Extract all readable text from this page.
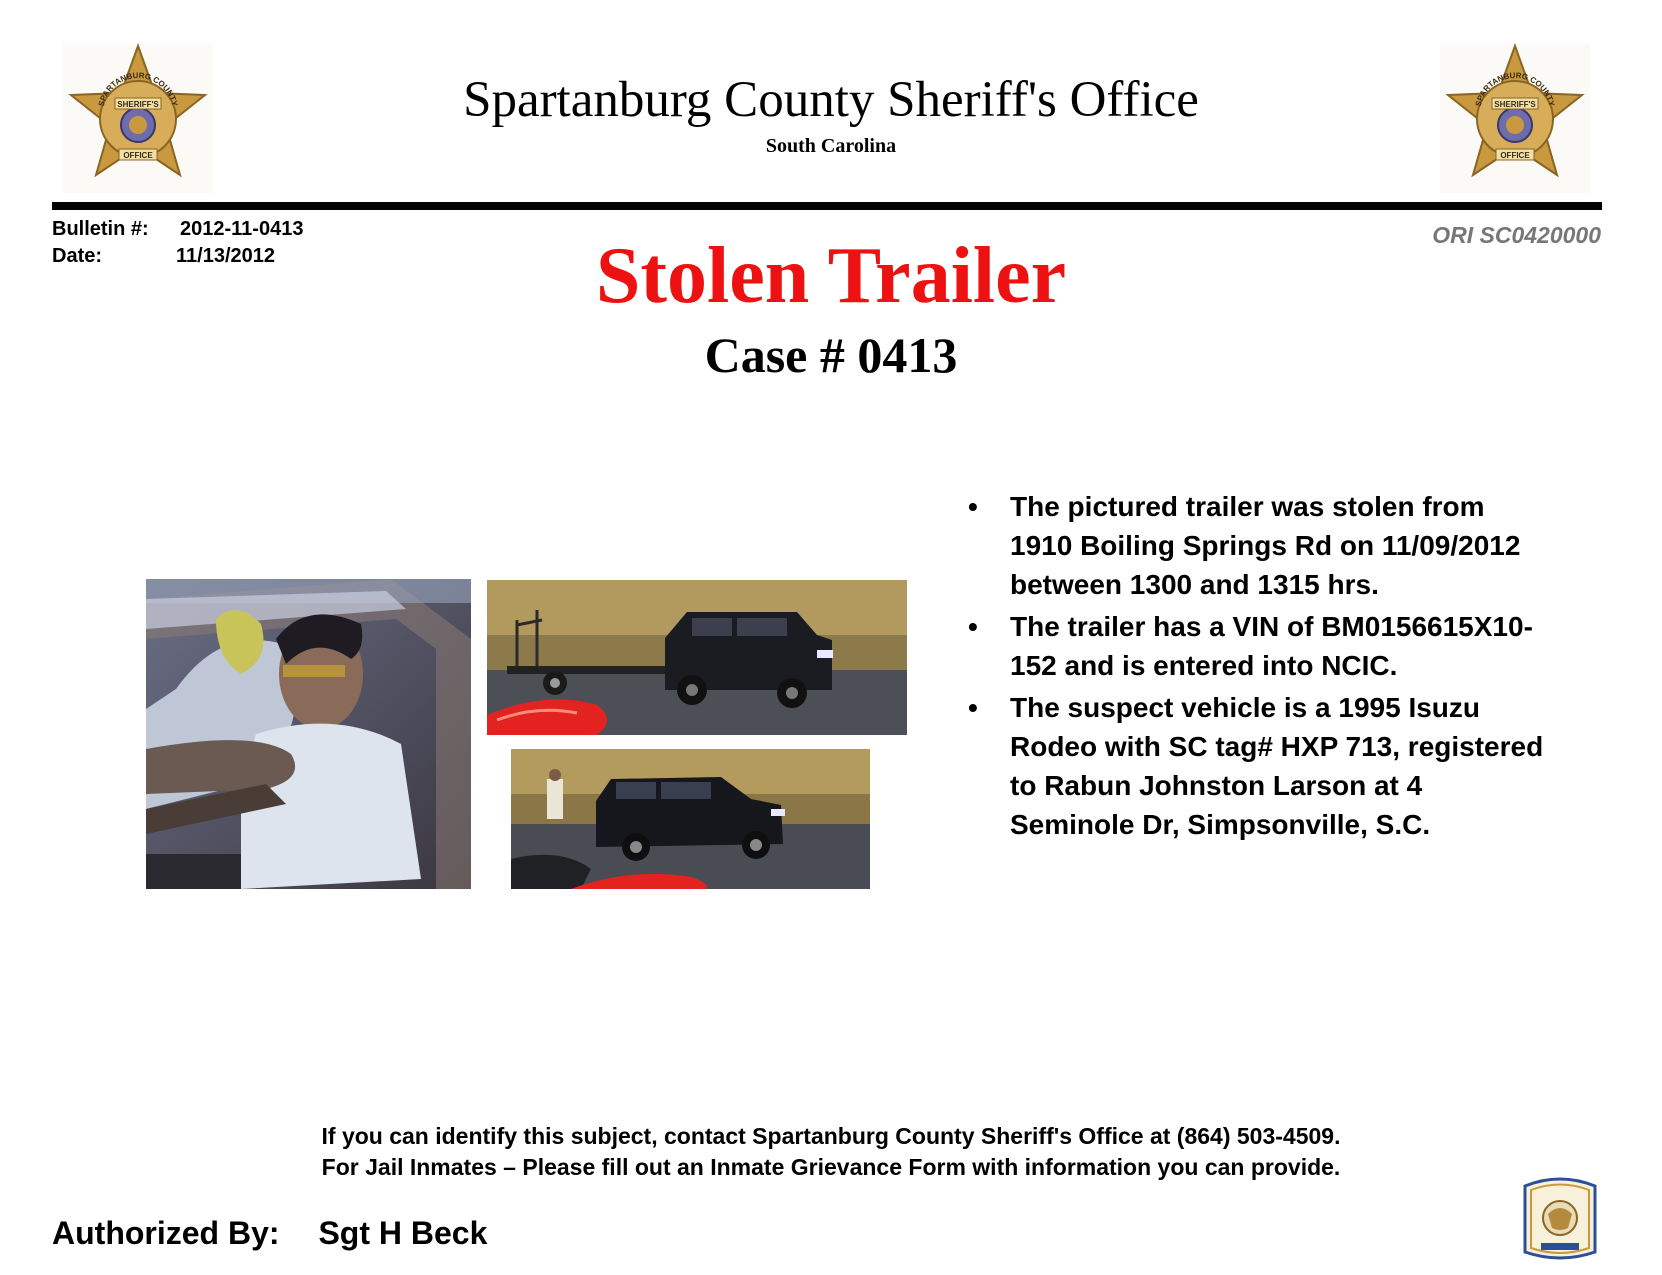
SPARTANBURG COUNTY
SHERIFF'S
OFFICE
SPARTANBURG COUNTY
SHERIFF'S
OFFICE
Spartanburg County Sheriff's Office
South Carolina
Bulletin #:	2012-11-0413
Date:	11/13/2012
ORI SC0420000
Stolen Trailer
Case # 0413
• The pictured trailer was stolen from 1910 Boiling Springs Rd on 11/09/2012 between 1300 and 1315 hrs.
• The trailer has a VIN of BM0156615X10-152 and is entered into NCIC.
• The suspect vehicle is a 1995 Isuzu Rodeo with SC tag# HXP 713, registered to Rabun Johnston Larson at 4 Seminole Dr, Simpsonville, S.C.
If you can identify this subject, contact Spartanburg County Sheriff's Office at (864) 503-4509.
For Jail Inmates – Please fill out an Inmate Grievance Form with information you can provide.
Authorized By: Sgt H Beck
